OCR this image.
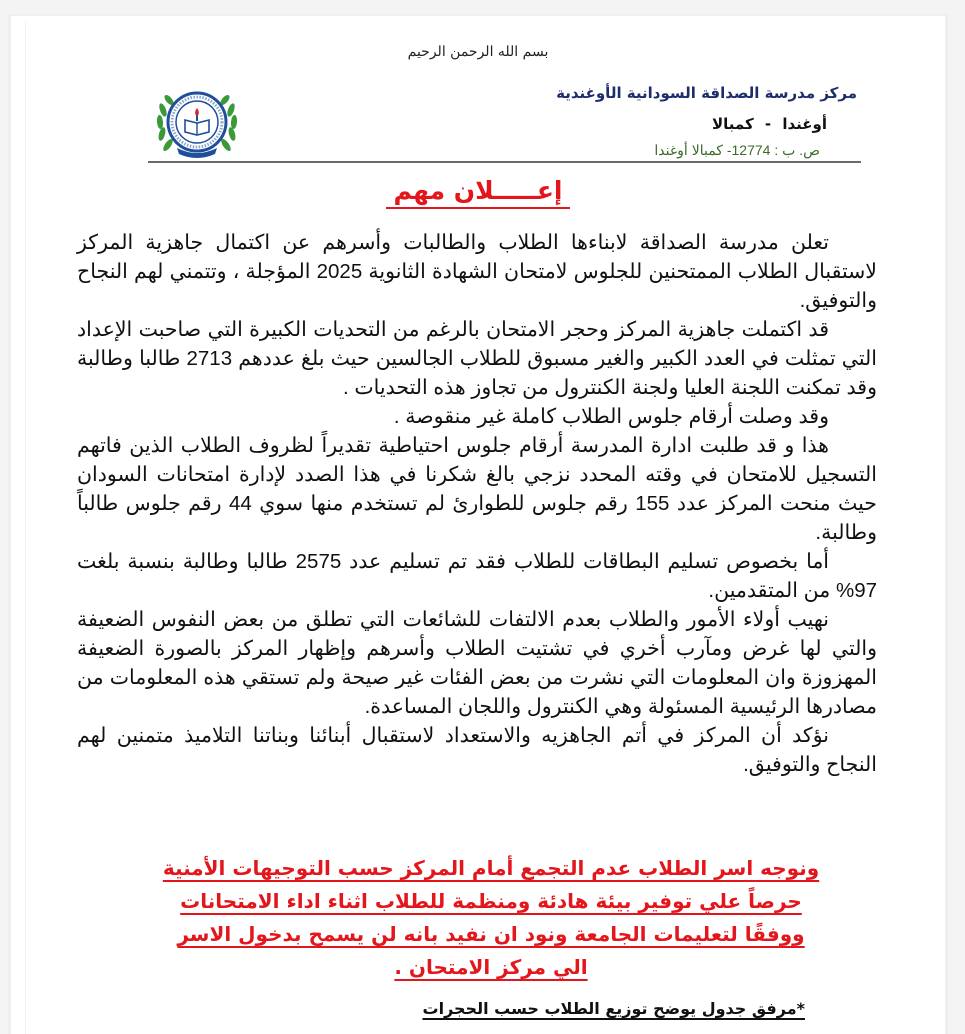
بسم الله الرحمن الرحيم
مركز مدرسة الصداقة السودانية الأوغندية
أوغندا - كمبالا
ص. ب : 12774- كمبالا أوغندا
إعـــــلان مهم

تعلن مدرسة الصداقة لابناءها الطلاب والطالبات وأسرهم عن اكتمال جاهزية المركز لاستقبال الطلاب الممتحنين للجلوس لامتحان الشهادة الثانوية 2025 المؤجلة ، وتتمني لهم النجاح والتوفيق.

قد اكتملت جاهزية المركز وحجر الامتحان بالرغم من التحديات الكبيرة التي صاحبت الإعداد التي تمثلت في العدد الكبير والغير مسبوق للطلاب الجالسين حيث بلغ عددهم 2713 طالبا وطالبة وقد تمكنت اللجنة العليا ولجنة الكنترول من تجاوز هذه التحديات .

وقد وصلت أرقام جلوس الطلاب كاملة غير منقوصة .

هذا و قد طلبت ادارة المدرسة أرقام جلوس احتياطية تقديراً لظروف الطلاب الذين فاتهم التسجيل للامتحان في وقته المحدد نزجي بالغ شكرنا في هذا الصدد لإدارة امتحانات السودان حيث منحت المركز عدد 155 رقم جلوس للطوارئ لم تستخدم منها سوي 44 رقم جلوس طالباً وطالبة.

أما بخصوص تسليم البطاقات للطلاب فقد تم تسليم عدد 2575 طالبا وطالبة بنسبة بلغت 97% من المتقدمين.

نهيب أولاء الأمور والطلاب بعدم الالتفات للشائعات التي تطلق من بعض النفوس الضعيفة والتي لها غرض ومآرب أخري في تشتيت الطلاب وأسرهم وإظهار المركز بالصورة الضعيفة المهزوزة وان المعلومات التي نشرت من بعض الفئات غير صيحة ولم تستقي هذه المعلومات من مصادرها الرئيسية المسئولة وهي الكنترول واللجان المساعدة.

نؤكد أن المركز في أتم الجاهزيه والاستعداد لاستقبال أبنائنا وبناتنا التلاميذ متمنين لهم النجاح والتوفيق.

ونوجه اسر الطلاب عدم التجمع أمام المركز حسب التوجيهات الأمنية حرصاً علي توفير بيئة هادئة ومنظمة للطلاب اثناء اداء الامتحانات ووفقًا لتعليمات الجامعة ونود ان نفيد بانه لن يسمح بدخول الاسر الي مركز الامتحان .
*مرفق جدول يوضح توزيع الطلاب حسب الحجرات
